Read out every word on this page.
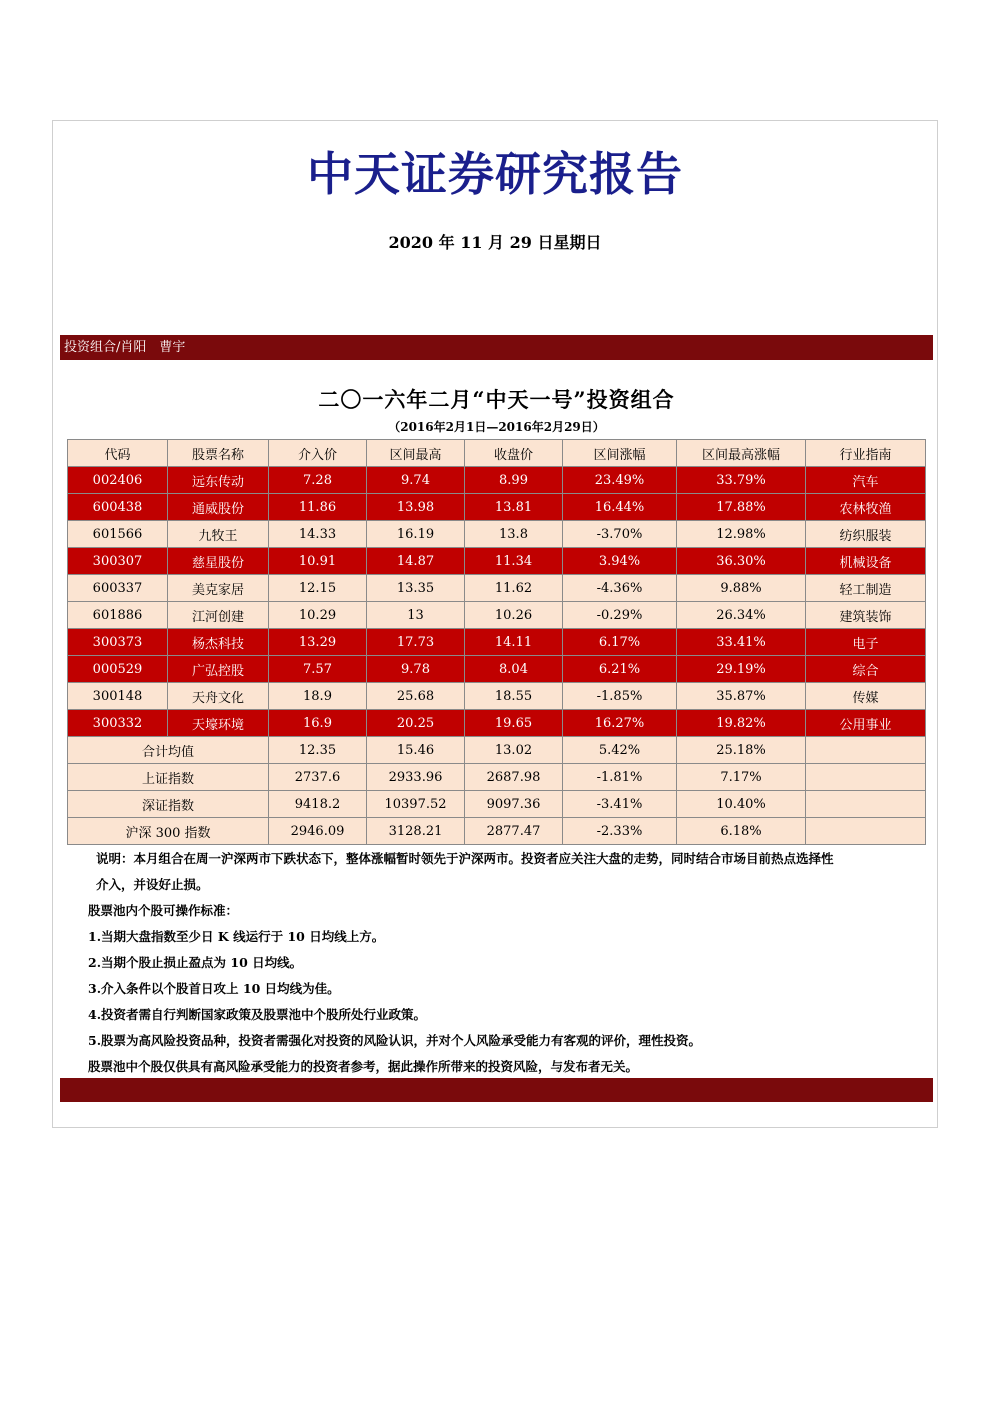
中天证券研究报告
2020 年 11 月 29 日星期日
投资组合/肖阳　曹宇
二〇一六年二月“中天一号”投资组合
（2016年2月1日—2016年2月29日）
代码	股票名称	介入价	区间最高	收盘价	区间涨幅	区间最高涨幅	行业指南
002406	远东传动	7.28	9.74	8.99	23.49%	33.79%	汽车
600438	通威股份	11.86	13.98	13.81	16.44%	17.88%	农林牧渔
601566	九牧王	14.33	16.19	13.8	-3.70%	12.98%	纺织服装
300307	慈星股份	10.91	14.87	11.34	3.94%	36.30%	机械设备
600337	美克家居	12.15	13.35	11.62	-4.36%	9.88%	轻工制造
601886	江河创建	10.29	13	10.26	-0.29%	26.34%	建筑装饰
300373	杨杰科技	13.29	17.73	14.11	6.17%	33.41%	电子
000529	广弘控股	7.57	9.78	8.04	6.21%	29.19%	综合
300148	天舟文化	18.9	25.68	18.55	-1.85%	35.87%	传媒
300332	天壕环境	16.9	20.25	19.65	16.27%	19.82%	公用事业
合计均值		12.35	15.46	13.02	5.42%	25.18%	
上证指数		2737.6	2933.96	2687.98	-1.81%	7.17%	
深证指数		9418.2	10397.52	9097.36	-3.41%	10.40%	
沪深 300 指数		2946.09	3128.21	2877.47	-2.33%	6.18%	

说明：本月组合在周一沪深两市下跌状态下，整体涨幅暂时领先于沪深两市。投资者应关注大盘的走势，同时结合市场目前热点选择性

介入，并设好止损。

股票池内个股可操作标准：

1.当期大盘指数至少日 K 线运行于 10 日均线上方。

2.当期个股止损止盈点为 10 日均线。

3.介入条件以个股首日攻上 10 日均线为佳。

4.投资者需自行判断国家政策及股票池中个股所处行业政策。

5.股票为高风险投资品种，投资者需强化对投资的风险认识，并对个人风险承受能力有客观的评价，理性投资。

股票池中个股仅供具有高风险承受能力的投资者参考，据此操作所带来的投资风险，与发布者无关。
